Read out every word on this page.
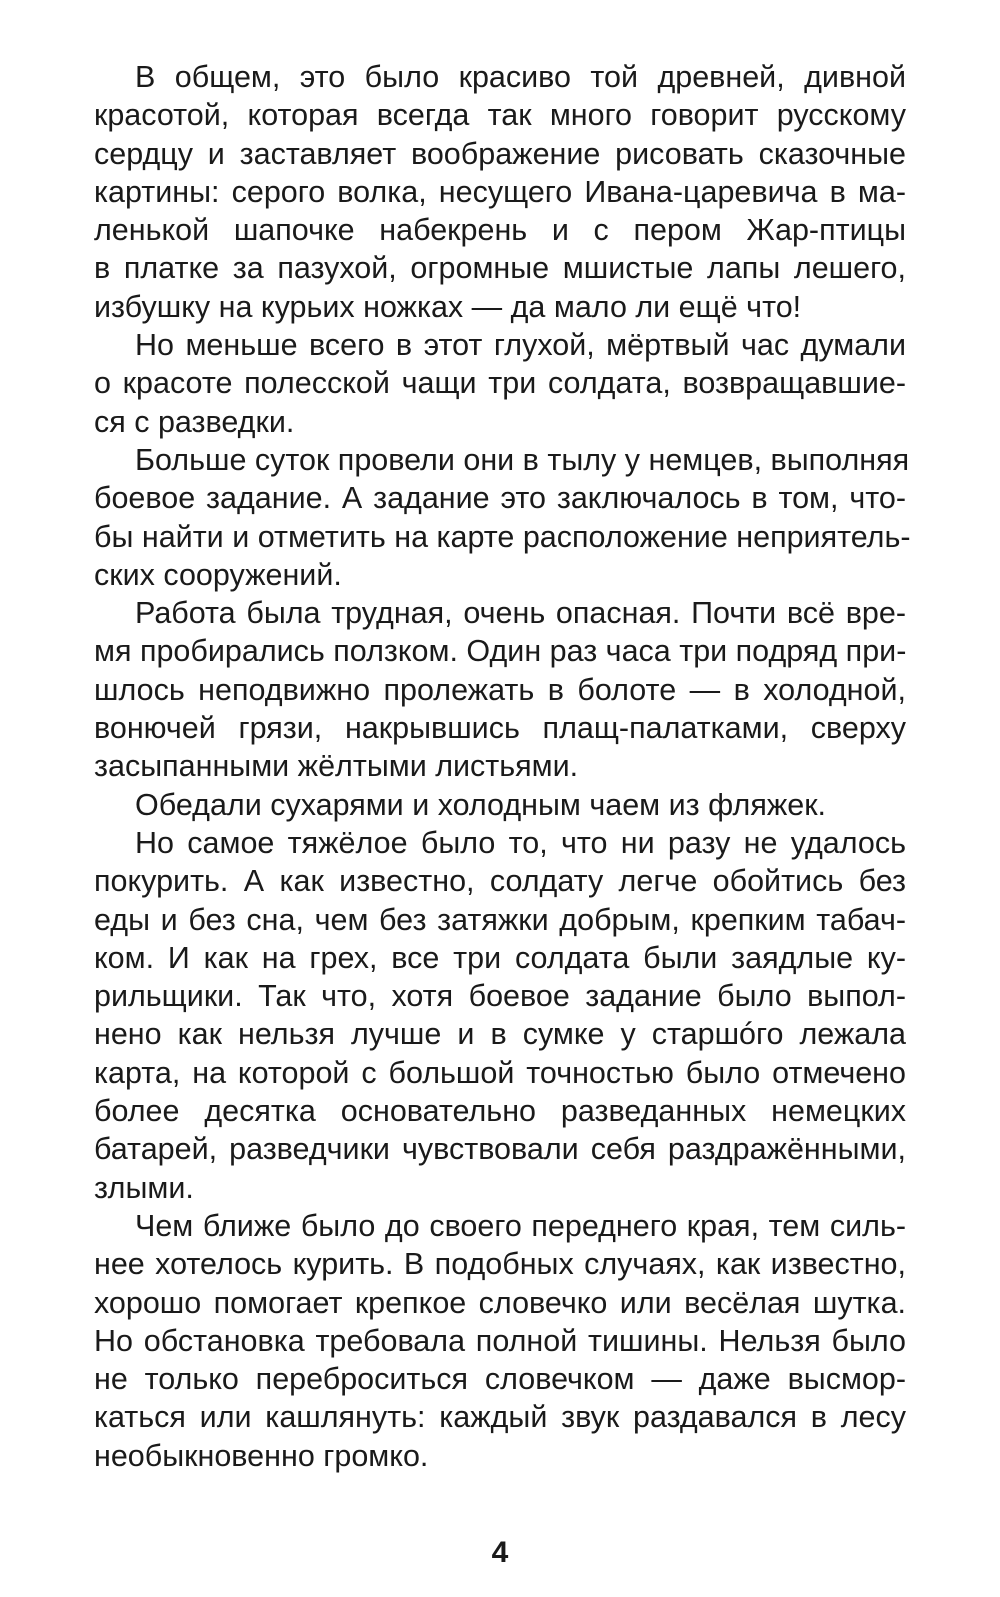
В общем, это было красиво той древней, дивной
красотой, которая всегда так много говорит русскому
сердцу и заставляет воображение рисовать сказочные
картины: серого волка, несущего Ивана-царевича в ма-
ленькой шапочке набекрень и с пером Жар-птицы
в платке за пазухой, огромные мшистые лапы лешего,
избушку на курьих ножках — да мало ли ещё что!
Но меньше всего в этот глухой, мёртвый час думали
о красоте полесской чащи три солдата, возвращавшие-
ся с разведки.
Больше суток провели они в тылу у немцев, выполняя
боевое задание. А задание это заключалось в том, что-
бы найти и отметить на карте расположение неприятель-
ских сооружений.
Работа была трудная, очень опасная. Почти всё вре-
мя пробирались ползком. Один раз часа три подряд при-
шлось неподвижно пролежать в болоте — в холодной,
вонючей грязи, накрывшись плащ-палатками, сверху
засыпанными жёлтыми листьями.
Обедали сухарями и холодным чаем из фляжек.
Но самое тяжёлое было то, что ни разу не удалось
покурить. А как известно, солдату легче обойтись без
еды и без сна, чем без затяжки добрым, крепким табач-
ком. И как на грех, все три солдата были заядлые ку-
рильщики. Так что, хотя боевое задание было выпол-
нено как нельзя лучше и в сумке у старшóго лежала
карта, на которой с большой точностью было отмечено
более десятка основательно разведанных немецких
батарей, разведчики чувствовали себя раздражёнными,
злыми.
Чем ближе было до своего переднего края, тем силь-
нее хотелось курить. В подобных случаях, как известно,
хорошо помогает крепкое словечко или весёлая шутка.
Но обстановка требовала полной тишины. Нельзя было
не только переброситься словечком — даже высмор-
каться или кашлянуть: каждый звук раздавался в лесу
необыкновенно громко.
4
